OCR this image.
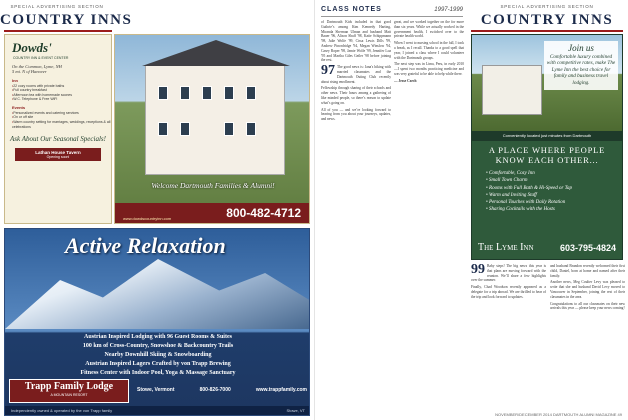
SPECIAL ADVERTISING SECTION
COUNTRY INNS
Dowds'
COUNTRY INN & EVENT CENTER
On the Common, Lyme, NH
5 mi. N of Hanover
Inn
• 22 cozy rooms with private baths
• Full country breakfast
• Afternoon tea with homemade scones
• W.C. Telephone & Free WiFi
Events
• Personalized events and catering services
• On or off site
• Warm country setting for marriages, weddings, receptions & all celebrations
Ask About Our Seasonal Specials!
Lathan House Tavern
Opening soon!
Welcome Dartmouth Families & Alumni!
800-482-4712
www.dowdscountryinn.com
Active Relaxation
Austrian Inspired Lodging with 96 Guest Rooms & Suites
100 km of Cross-Country, Snowshoe & Backcountry Trails
Nearby Downhill Skiing & Snowboarding
Austrian Inspired Lagers Crafted by von Trapp Brewing
Fitness Center with Indoor Pool, Yoga & Massage Sanctuary
Trapp Family Lodge
A MOUNTAIN RESORT
Stowe, Vermont	800-826-7000	www.trappfamily.com
Independently owned & operated by the von Trapp family	Stowe, VT
CLASS NOTES	1997-1999

of Dartmouth Kids included in that good Guthrie’s among Kim Kennedy Harting, Miranda Sherman Ulman and husband Matt Bauer '96, Alison Shaff '98, Katie Schippmann '98, Julie Wolfe '99, Cissa Lewis Dills '99, Andrew Pinordridge '94, Megan Winslow '94, Casey Roper '98, Jamie Wolfe '99, Jennifer Loa '95 and Martha Giles Geiler '98 before joining the rest.

97 The good news is: Jana's hiking with married classmates and the Dartmouth Outing Club recently about rising enrollment.

Fellowship through sharing of their schools and other news. Their hours among a gathering of like minded people, so there’s reason to update what’s going on.

All of you — and we’re looking forward to hearing from you about your journeys, updates, and news.

great, and we worked together on the for more than six years. While we actually worked in the government health, I switched over to the private health world.

When I went to nursing school in the fall, I took a break, as I recall. Thanks to a good spell that year, I joined a class where I could volunteer with the Dartmouth groups.

The next step was in Lima, Peru, in early 2010—I spent two months practicing medicine and was very grateful to be able to help while there.

— Jesse Czech

SPECIAL ADVERTISING SECTION
COUNTRY INNS
Join us
Comfortable luxury combined with competitive rates, make The Lyme Inn the best choice for family and business travel lodging.
Conveniently located just minutes from Dartmouth
A PLACE WHERE PEOPLE
KNOW EACH OTHER...
• Comfortable, Cozy Inn
• Small Town Charm
• Rooms with Full Bath & Hi-Speed or Tap
• Warm and Inviting Staff
• Personal Touches with Daily Rotation
• Sharing Cocktails with the Hosts
The Lyme Inn	603-795-4824

99 Baby steps! The big news this year is that plans are moving forward with the reunion. We’ll share a few highlights over the summer.

Finally, Chad Woodson recently appeared as a delegate for a trip abroad. We are thrilled to hear of the trip and look forward to updates.

and husband Brandon recently welcomed their first child, Daniel, born at home and named after their family.

Another news, Meg Coulter Levy was pleased to write that she and husband David Levy moved to Vancouver in September, joining the rest of their classmates in the area.

Congratulations to all our classmates on their new arrivals this year — please keep your news coming!

NOVEMBER/DECEMBER 2014 DARTMOUTH ALUMNI MAGAZINE 49
